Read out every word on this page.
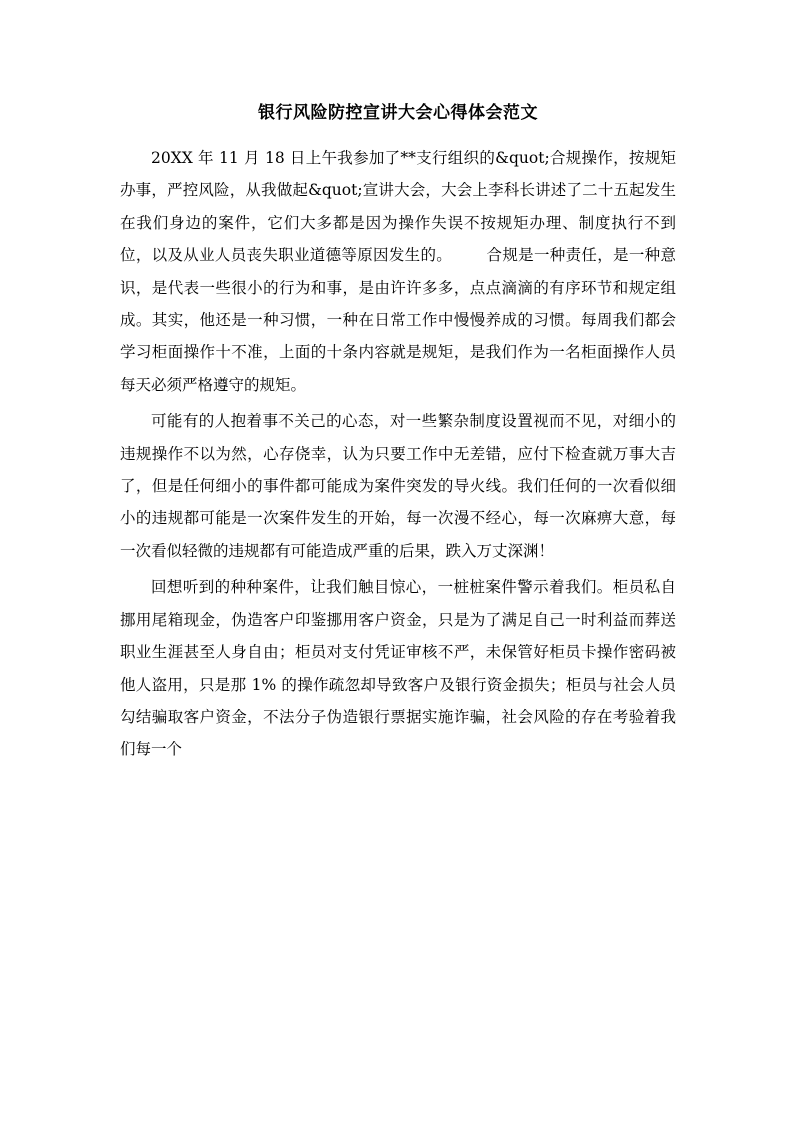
银行风险防控宣讲大会心得体会范文

20XX 年 11 月 18 日上午我参加了**支行组织的&quot;合规操作，按规矩办事，严控风险，从我做起&quot;宣讲大会，大会上李科长讲述了二十五起发生在我们身边的案件，它们大多都是因为操作失误不按规矩办理、制度执行不到位，以及从业人员丧失职业道德等原因发生的。 合规是一种责任，是一种意识，是代表一些很小的行为和事，是由许许多多，点点滴滴的有序环节和规定组成。其实，他还是一种习惯，一种在日常工作中慢慢养成的习惯。每周我们都会学习柜面操作十不准，上面的十条内容就是规矩，是我们作为一名柜面操作人员每天必须严格遵守的规矩。

可能有的人抱着事不关己的心态，对一些繁杂制度设置视而不见，对细小的违规操作不以为然，心存侥幸，认为只要工作中无差错，应付下检查就万事大吉了，但是任何细小的事件都可能成为案件突发的导火线。我们任何的一次看似细小的违规都可能是一次案件发生的开始，每一次漫不经心，每一次麻痹大意，每一次看似轻微的违规都有可能造成严重的后果，跌入万丈深渊！

回想听到的种种案件，让我们触目惊心，一桩桩案件警示着我们。柜员私自挪用尾箱现金，伪造客户印鉴挪用客户资金，只是为了满足自己一时利益而葬送职业生涯甚至人身自由；柜员对支付凭证审核不严，未保管好柜员卡操作密码被他人盗用，只是那 1% 的操作疏忽却导致客户及银行资金损失；柜员与社会人员勾结骗取客户资金，不法分子伪造银行票据实施诈骗，社会风险的存在考验着我们每一个
